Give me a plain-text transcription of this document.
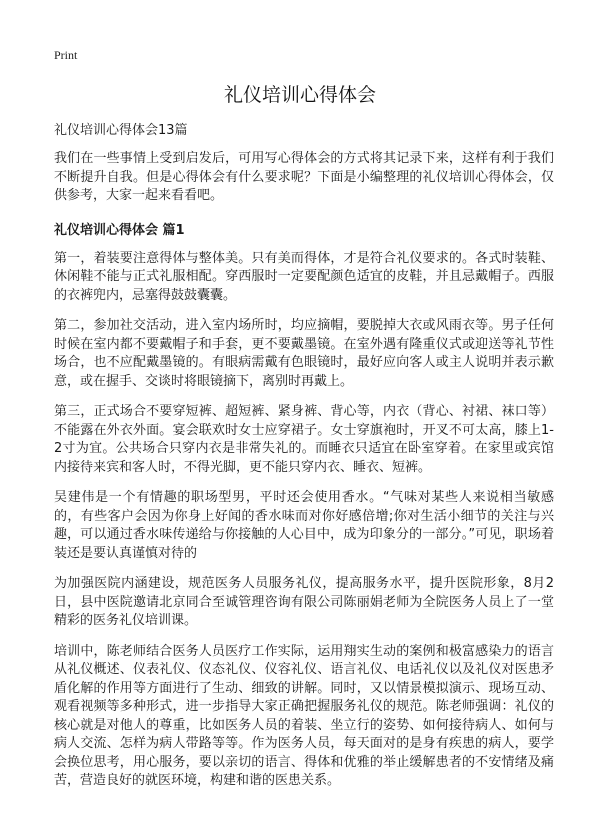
Print
礼仪培训心得体会

礼仪培训心得体会13篇

我们在一些事情上受到启发后，可用写心得体会的方式将其记录下来，这样有利于我们不断提升自我。但是心得体会有什么要求呢？下面是小编整理的礼仪培训心得体会，仅供参考，大家一起来看看吧。

礼仪培训心得体会 篇1

第一，着装要注意得体与整体美。只有美而得体，才是符合礼仪要求的。各式时装鞋、休闲鞋不能与正式礼服相配。穿西服时一定要配颜色适宜的皮鞋，并且忌戴帽子。西服的衣裤兜内，忌塞得鼓鼓囊囊。

第二，参加社交活动，进入室内场所时，均应摘帽，要脱掉大衣或风雨衣等。男子任何时候在室内都不要戴帽子和手套，更不要戴墨镜。在室外遇有隆重仪式或迎送等礼节性场合，也不应配戴墨镜的。有眼病需戴有色眼镜时，最好应向客人或主人说明并表示歉意，或在握手、交谈时将眼镜摘下，离别时再戴上。

第三，正式场合不要穿短裤、超短裤、紧身裤、背心等，内衣（背心、衬裙、袜口等）不能露在外衣外面。宴会联欢时女士应穿裙子。女士穿旗袍时，开叉不可太高，膝上1-2寸为宜。公共场合只穿内衣是非常失礼的。而睡衣只适宜在卧室穿着。在家里或宾馆内接待来宾和客人时，不得光脚，更不能只穿内衣、睡衣、短裤。

吴建伟是一个有情趣的职场型男，平时还会使用香水。“气味对某些人来说相当敏感的，有些客户会因为你身上好闻的香水味而对你好感倍增;你对生活小细节的关注与兴趣，可以通过香水味传递给与你接触的人心目中，成为印象分的一部分。”可见，职场着装还是要认真谨慎对待的

为加强医院内涵建设，规范医务人员服务礼仪，提高服务水平，提升医院形象，8月2日，县中医院邀请北京同合至诚管理咨询有限公司陈丽娟老师为全院医务人员上了一堂精彩的医务礼仪培训课。

培训中，陈老师结合医务人员医疗工作实际，运用翔实生动的案例和极富感染力的语言从礼仪概述、仪表礼仪、仪态礼仪、仪容礼仪、语言礼仪、电话礼仪以及礼仪对医患矛盾化解的作用等方面进行了生动、细致的讲解。同时，又以情景模拟演示、现场互动、观看视频等多种形式，进一步指导大家正确把握服务礼仪的规范。陈老师强调：礼仪的核心就是对他人的尊重，比如医务人员的着装、坐立行的姿势、如何接待病人、如何与病人交流、怎样为病人带路等等。作为医务人员，每天面对的是身有疾患的病人，要学会换位思考，用心服务，要以亲切的语言、得体和优雅的举止缓解患者的不安情绪及痛苦，营造良好的就医环境，构建和谐的医患关系。
